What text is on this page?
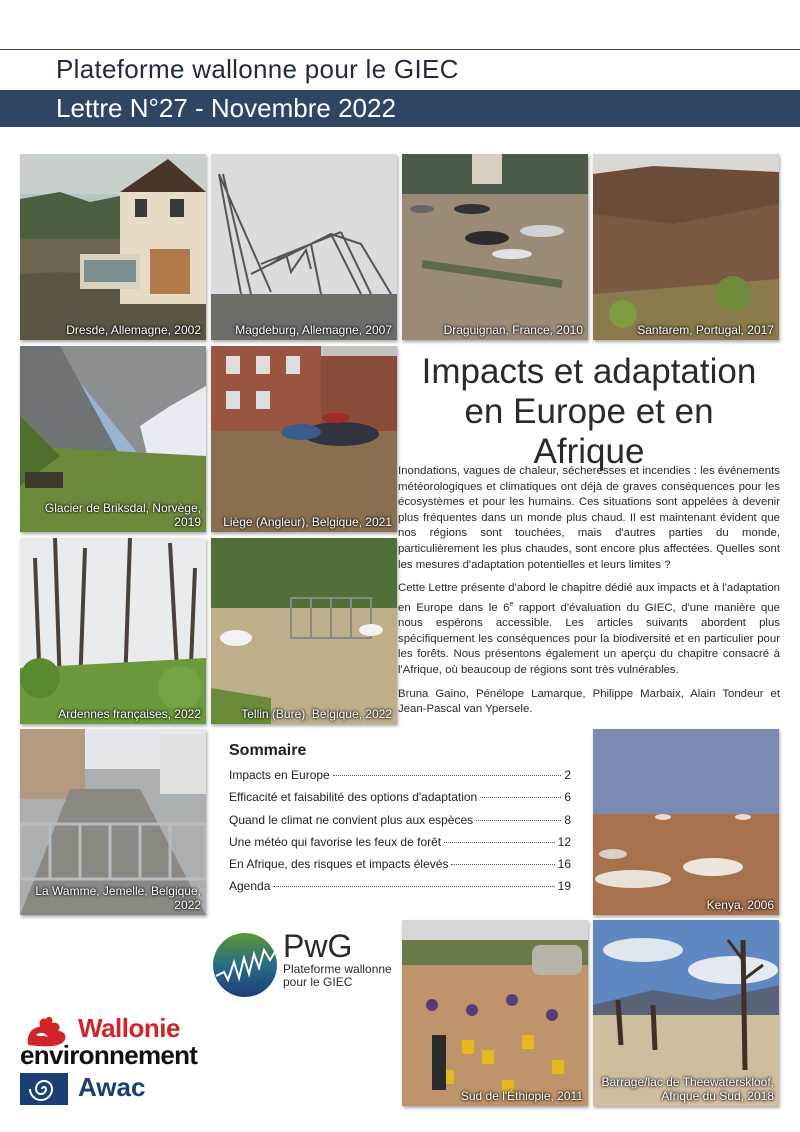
Plateforme wallonne pour le GIEC
Lettre N°27 - Novembre 2022
Dresde, Allemagne, 2002	Magdeburg, Allemagne, 2007	Draguignan, France, 2010	Santarem, Portugal, 2017
Glacier de Briksdal, Norvège, 2019 Liège (Angleur), Belgique, 2021
Ardennes françaises, 2022	Tellin (Bure), Belgique, 2022
La Wamme, Jemelle, Belgique, 2022	Kenya, 2006
Sud de l'Éthiopie, 2011
Barrage/lac de Theewaterskloof,
Afrique du Sud, 2018
Impacts et adaptation
en Europe et en
Afrique

Inondations, vagues de chaleur, sécheresses et incendies : les événements météorologiques et climatiques ont déjà de graves conséquences pour les écosystèmes et pour les humains. Ces situations sont appelées à devenir plus fréquentes dans un monde plus chaud. Il est maintenant évident que nos régions sont touchées, mais d'autres parties du monde, particulièrement les plus chaudes, sont encore plus affectées. Quelles sont les mesures d'adaptation potentielles et leurs limites ?

Cette Lettre présente d'abord le chapitre dédié aux impacts et à l'adaptation en Europe dans le 6e rapport d'évaluation du GIEC, d'une manière que nous espérons accessible. Les articles suivants abordent plus spécifiquement les conséquences pour la biodiversité et en particulier pour les forêts. Nous présentons également un aperçu du chapitre consacré à l'Afrique, où beaucoup de régions sont très vulnérables.

Bruna Gaino, Pénélope Lamarque, Philippe Marbaix, Alain Tondeur et Jean-Pascal van Ypersele.

Sommaire
Impacts en Europe	2
Efficacité et faisabilité des options d'adaptation	6
Quand le climat ne convient plus aux espèces	8
Une météo qui favorise les feux de forêt	12
En Afrique, des risques et impacts élevés	16
Agenda	19
PwG
Plateforme wallonne
pour le GIEC
Wallonie
environnement
Awac
